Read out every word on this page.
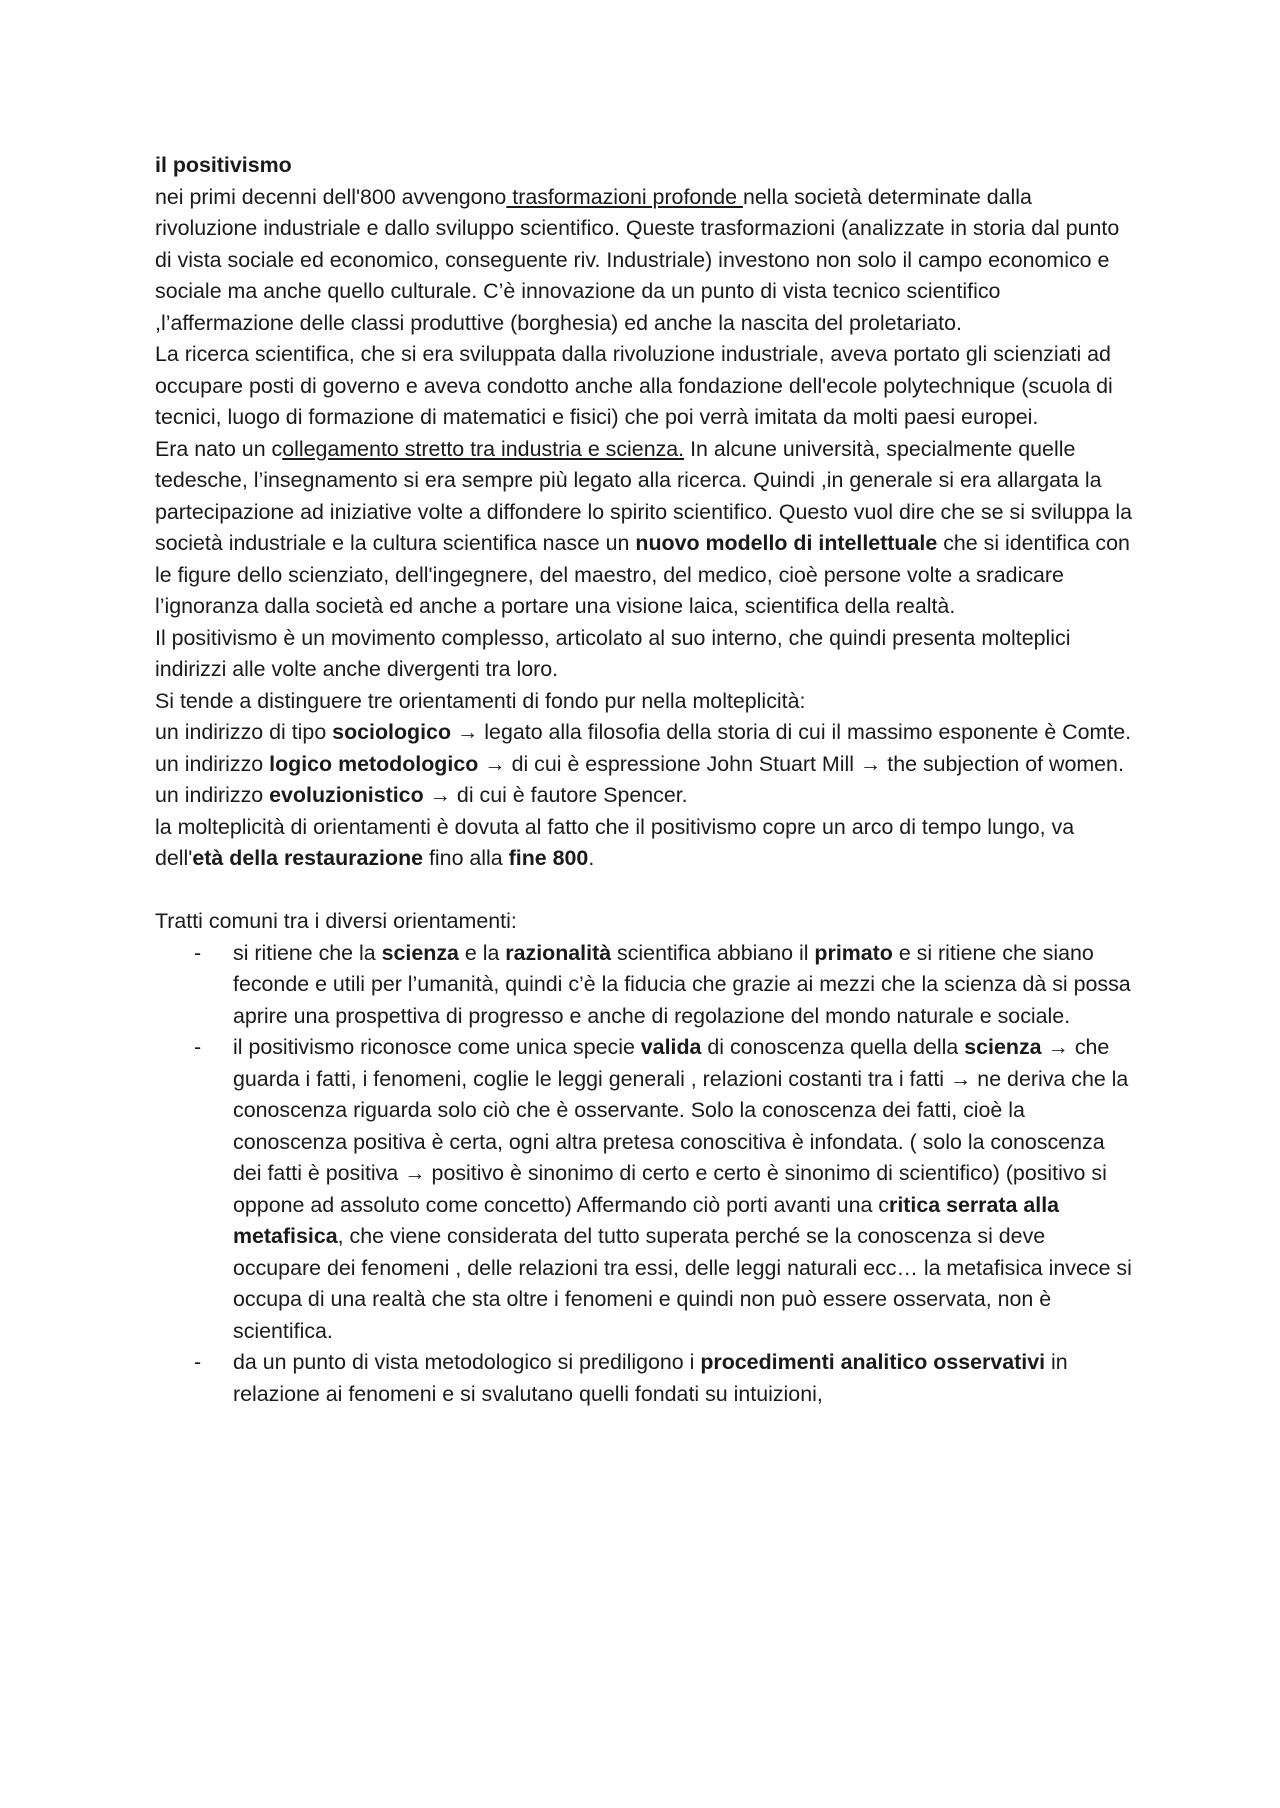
il positivismo

nei primi decenni dell'800 avvengono trasformazioni profonde nella società determinate dalla rivoluzione industriale e dallo sviluppo scientifico. Queste trasformazioni (analizzate in storia dal punto di vista sociale ed economico, conseguente riv. Industriale) investono non solo il campo economico e sociale ma anche quello culturale. C’è innovazione da un punto di vista tecnico scientifico ,l’affermazione delle classi produttive (borghesia) ed anche la nascita del proletariato.

La ricerca scientifica, che si era sviluppata dalla rivoluzione industriale, aveva portato gli scienziati ad occupare posti di governo e aveva condotto anche alla fondazione dell'ecole polytechnique (scuola di tecnici, luogo di formazione di matematici e fisici) che poi verrà imitata da molti paesi europei.

Era nato un collegamento stretto tra industria e scienza. In alcune università, specialmente quelle tedesche, l’insegnamento si era sempre più legato alla ricerca. Quindi ,in generale si era allargata la partecipazione ad iniziative volte a diffondere lo spirito scientifico. Questo vuol dire che se si sviluppa la società industriale e la cultura scientifica nasce un nuovo modello di intellettuale che si identifica con le figure dello scienziato, dell'ingegnere, del maestro, del medico, cioè persone volte a sradicare l’ignoranza dalla società ed anche a portare una visione laica, scientifica della realtà.

Il positivismo è un movimento complesso, articolato al suo interno, che quindi presenta molteplici indirizzi alle volte anche divergenti tra loro.

Si tende a distinguere tre orientamenti di fondo pur nella molteplicità:

un indirizzo di tipo sociologico → legato alla filosofia della storia di cui il massimo esponente è Comte.

un indirizzo logico metodologico → di cui è espressione John Stuart Mill → the subjection of women.

un indirizzo evoluzionistico → di cui è fautore Spencer.

la molteplicità di orientamenti è dovuta al fatto che il positivismo copre un arco di tempo lungo, va dell'età della restaurazione fino alla fine 800.

Tratti comuni tra i diversi orientamenti:

- si ritiene che la scienza e la razionalità scientifica abbiano il primato e si ritiene che siano feconde e utili per l’umanità, quindi c’è la fiducia che grazie ai mezzi che la scienza dà si possa aprire una prospettiva di progresso e anche di regolazione del mondo naturale e sociale.
- il positivismo riconosce come unica specie valida di conoscenza quella della scienza → che guarda i fatti, i fenomeni, coglie le leggi generali , relazioni costanti tra i fatti → ne deriva che la conoscenza riguarda solo ciò che è osservante. Solo la conoscenza dei fatti, cioè la conoscenza positiva è certa, ogni altra pretesa conoscitiva è infondata. ( solo la conoscenza dei fatti è positiva → positivo è sinonimo di certo e certo è sinonimo di scientifico) (positivo si oppone ad assoluto come concetto) Affermando ciò porti avanti una critica serrata alla metafisica, che viene considerata del tutto superata perché se la conoscenza si deve occupare dei fenomeni , delle relazioni tra essi, delle leggi naturali ecc… la metafisica invece si occupa di una realtà che sta oltre i fenomeni e quindi non può essere osservata, non è scientifica.
- da un punto di vista metodologico si prediligono i procedimenti analitico osservativi in relazione ai fenomeni e si svalutano quelli fondati su intuizioni,
